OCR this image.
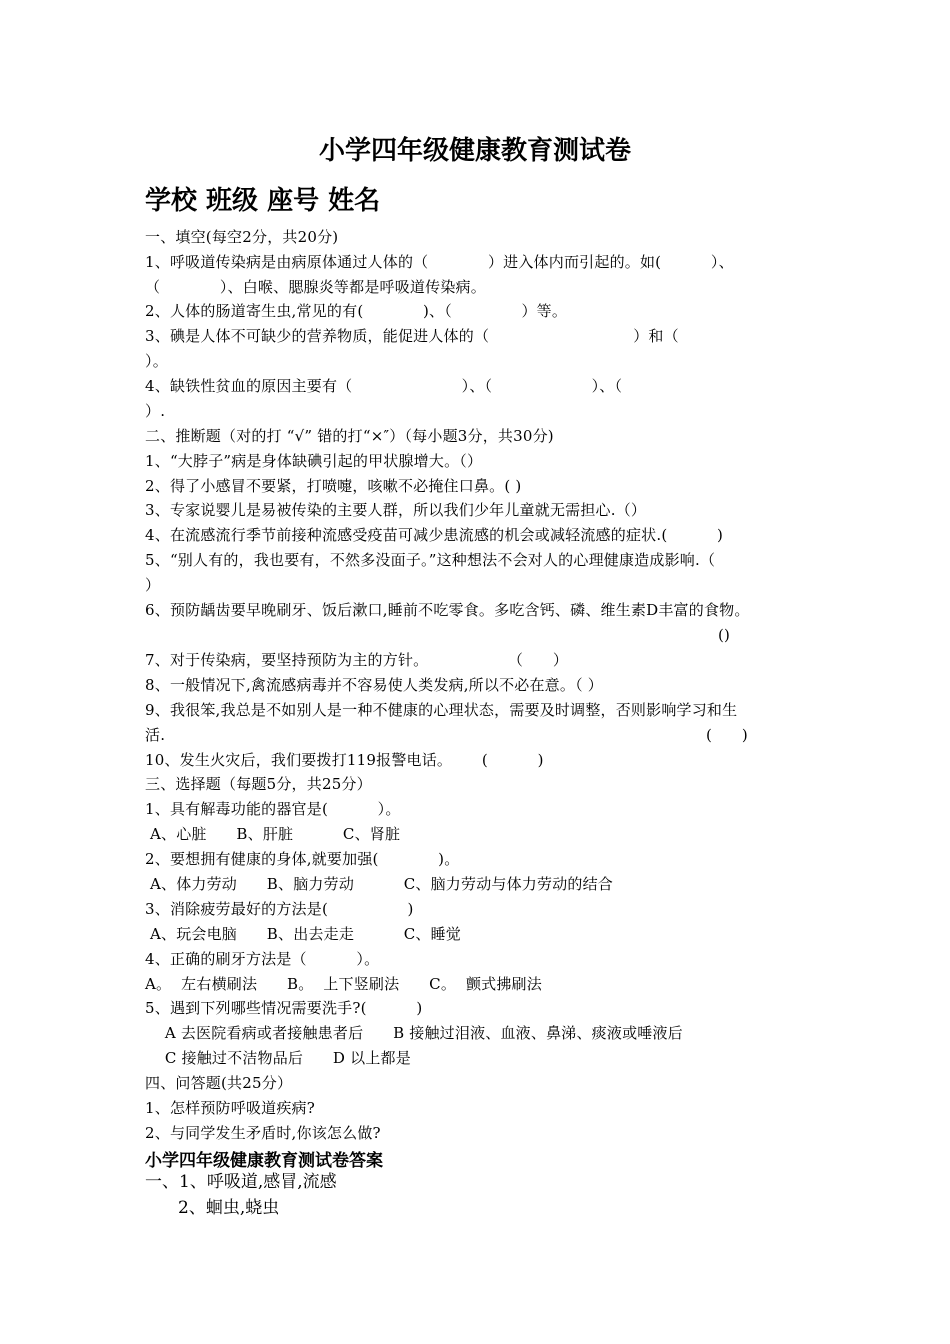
小学四年级健康教育测试卷
学校 班级 座号 姓名
一、填空(每空2分，共20分)
1、呼吸道传染病是由病原体通过人体的（            ）进入体内而引起的。如(          ）、
（            ）、白喉、腮腺炎等都是呼吸道传染病。
2、人体的肠道寄生虫,常见的有(            )、（              ）等。
3、碘是人体不可缺少的营养物质，能促进人体的（                             ）和（
）。
4、缺铁性贫血的原因主要有（                      ）、（                    ）、（
）.
二、推断题（对的打 “√” 错的打“×″）（每小题3分，共30分)
1、“大脖子”病是身体缺碘引起的甲状腺增大。（）
2、得了小感冒不要紧，打喷嚏，咳嗽不必掩住口鼻。( )
3、专家说婴儿是易被传染的主要人群，所以我们少年儿童就无需担心.（）
4、在流感流行季节前接种流感受疫苗可减少患流感的机会或减轻流感的症状.(          )
5、“别人有的，我也要有，不然多没面子。”这种想法不会对人的心理健康造成影响.（
）
6、预防龋齿要早晚刷牙、饭后漱口,睡前不吃零食。多吃含钙、磷、维生素D丰富的食物。
()
7、对于传染病，要坚持预防为主的方针。                （      ）
8、一般情况下,禽流感病毒并不容易使人类发病,所以不必在意。（ ）
9、我很笨,我总是不如别人是一种不健康的心理状态，需要及时调整，否则影响学习和生
活.	(      )
10、发生火灾后，我们要拨打119报警电话。      (          )
三、选择题（每题5分，共25分）
1、具有解毒功能的器官是(          ）。
A、心脏      B、肝脏          C、肾脏
2、要想拥有健康的身体,就要加强(            )。
A、体力劳动      B、脑力劳动          C、脑力劳动与体力劳动的结合
3、消除疲劳最好的方法是(                )
A、玩会电脑      B、出去走走          C、睡觉
4、正确的刷牙方法是（          ）。
A。  左右横刷法      B。  上下竖刷法      C。  颤式拂刷法
5、遇到下列哪些情况需要洗手?(          )
A 去医院看病或者接触患者后      B 接触过泪液、血液、鼻涕、痰液或唾液后
C 接触过不洁物品后      D 以上都是
四、问答题(共25分）
1、怎样预防呼吸道疾病?
2、与同学发生矛盾时,你该怎么做?
小学四年级健康教育测试卷答案
一、1、呼吸道,感冒,流感
2、蛔虫,蛲虫
